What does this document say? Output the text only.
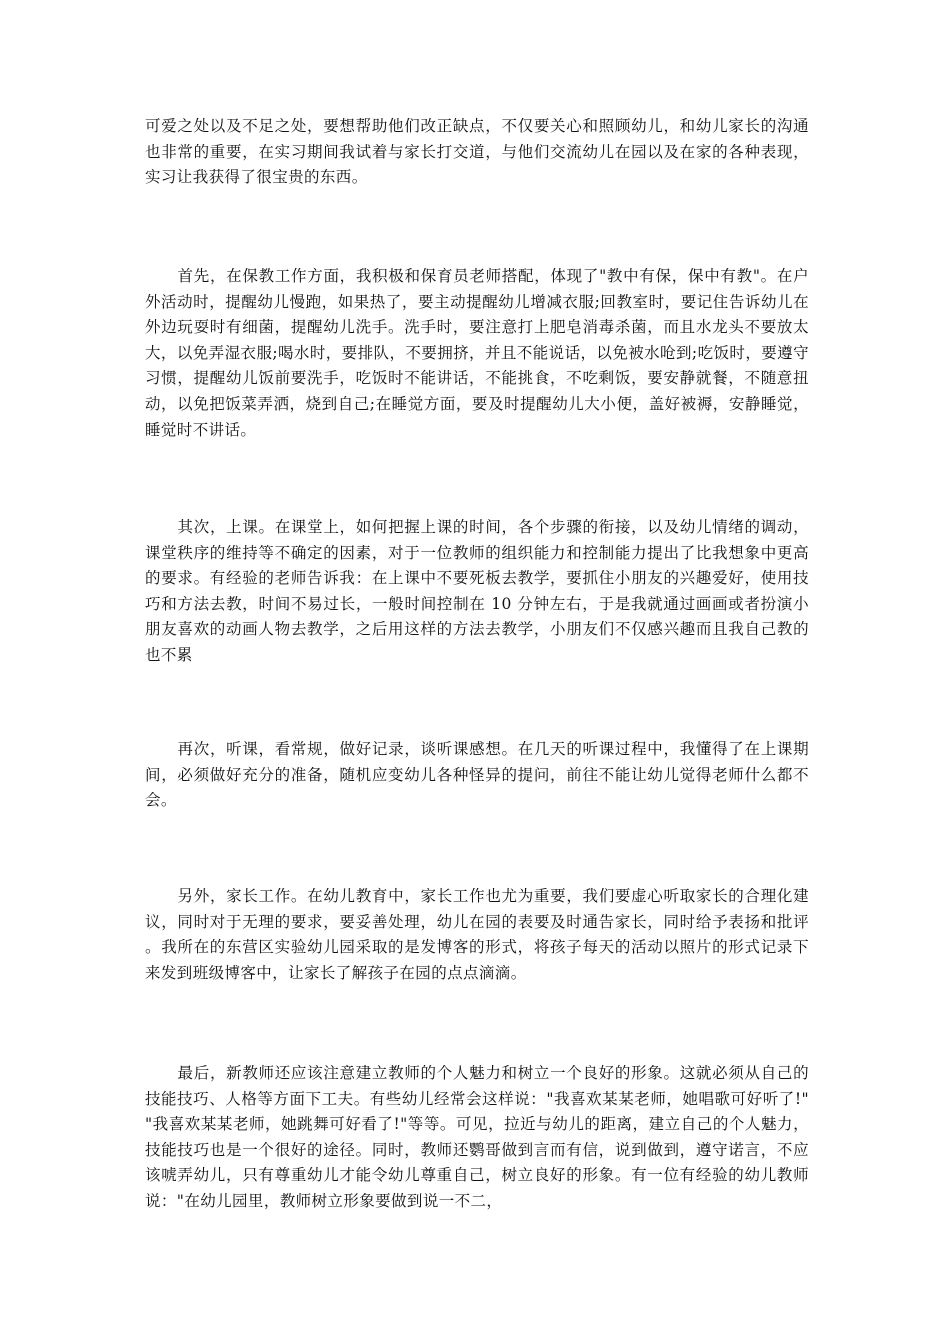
可爱之处以及不足之处，要想帮助他们改正缺点，不仅要关心和照顾幼儿，和幼儿家长的沟通也非常的重要，在实习期间我试着与家长打交道，与他们交流幼儿在园以及在家的各种表现，实习让我获得了很宝贵的东西。

首先，在保教工作方面，我积极和保育员老师搭配，体现了"教中有保，保中有教"。在户外活动时，提醒幼儿慢跑，如果热了，要主动提醒幼儿增减衣服;回教室时，要记住告诉幼儿在外边玩耍时有细菌，提醒幼儿洗手。洗手时，要注意打上肥皂消毒杀菌，而且水龙头不要放太大，以免弄湿衣服;喝水时，要排队，不要拥挤，并且不能说话，以免被水呛到;吃饭时，要遵守习惯，提醒幼儿饭前要洗手，吃饭时不能讲话，不能挑食，不吃剩饭，要安静就餐，不随意扭动，以免把饭菜弄洒，烧到自己;在睡觉方面，要及时提醒幼儿大小便，盖好被褥，安静睡觉，睡觉时不讲话。

其次，上课。在课堂上，如何把握上课的时间，各个步骤的衔接，以及幼儿情绪的调动，课堂秩序的维持等不确定的因素，对于一位教师的组织能力和控制能力提出了比我想象中更高的要求。有经验的老师告诉我：在上课中不要死板去教学，要抓住小朋友的兴趣爱好，使用技巧和方法去教，时间不易过长，一般时间控制在 10 分钟左右，于是我就通过画画或者扮演小朋友喜欢的动画人物去教学，之后用这样的方法去教学，小朋友们不仅感兴趣而且我自己教的也不累

再次，听课，看常规，做好记录，谈听课感想。在几天的听课过程中，我懂得了在上课期间，必须做好充分的准备，随机应变幼儿各种怪异的提问，前往不能让幼儿觉得老师什么都不会。

另外，家长工作。在幼儿教育中，家长工作也尤为重要，我们要虚心听取家长的合理化建议，同时对于无理的要求，要妥善处理，幼儿在园的表要及时通告家长，同时给予表扬和批评。我所在的东营区实验幼儿园采取的是发博客的形式，将孩子每天的活动以照片的形式记录下来发到班级博客中，让家长了解孩子在园的点点滴滴。

最后，新教师还应该注意建立教师的个人魅力和树立一个良好的形象。这就必须从自己的技能技巧、人格等方面下工夫。有些幼儿经常会这样说："我喜欢某某老师，她唱歌可好听了!""我喜欢某某老师，她跳舞可好看了!"等等。可见，拉近与幼儿的距离，建立自己的个人魅力，技能技巧也是一个很好的途径。同时，教师还鹦哥做到言而有信，说到做到，遵守诺言，不应该唬弄幼儿，只有尊重幼儿才能令幼儿尊重自己，树立良好的形象。有一位有经验的幼儿教师说："在幼儿园里，教师树立形象要做到说一不二，
